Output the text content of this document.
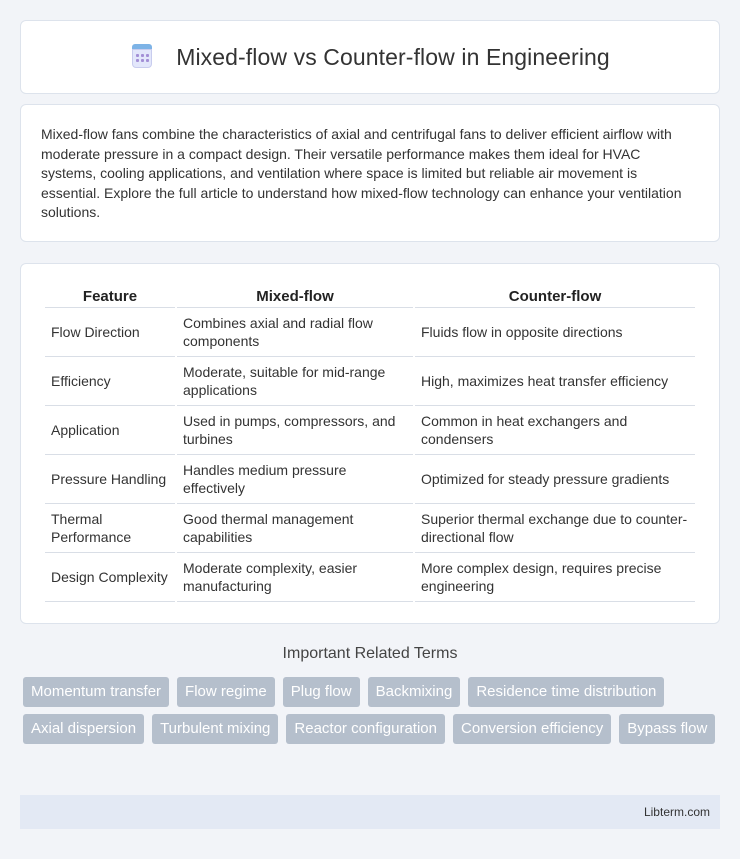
Mixed-flow vs Counter-flow in Engineering

Mixed-flow fans combine the characteristics of axial and centrifugal fans to deliver efficient airflow with moderate pressure in a compact design. Their versatile performance makes them ideal for HVAC systems, cooling applications, and ventilation where space is limited but reliable air movement is essential. Explore the full article to understand how mixed-flow technology can enhance your ventilation solutions.

Feature	Mixed-flow	Counter-flow
Flow Direction	Combines axial and radial flow components	Fluids flow in opposite directions
Efficiency	Moderate, suitable for mid-range applications	High, maximizes heat transfer efficiency
Application	Used in pumps, compressors, and turbines	Common in heat exchangers and condensers
Pressure Handling	Handles medium pressure effectively	Optimized for steady pressure gradients
Thermal Performance	Good thermal management capabilities	Superior thermal exchange due to counter-directional flow
Design Complexity	Moderate complexity, easier manufacturing	More complex design, requires precise engineering
Important Related Terms
Momentum transfer	Flow regime	Plug flow	Backmixing	Residence time distribution
Axial dispersion	Turbulent mixing	Reactor configuration	Conversion efficiency	Bypass flow
Libterm.com
